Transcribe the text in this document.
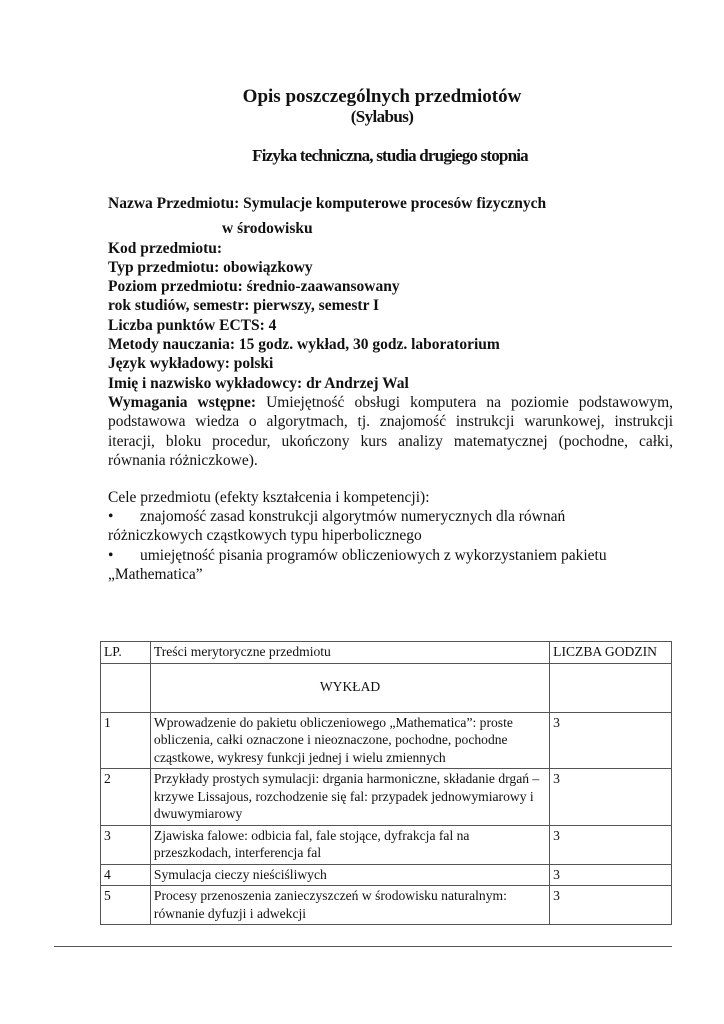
Opis poszczególnych przedmiotów
(Sylabus)
Fizyka techniczna, studia drugiego stopnia
Nazwa Przedmiotu: Symulacje komputerowe procesów fizycznych
w środowisku
Kod przedmiotu:
Typ przedmiotu: obowiązkowy
Poziom przedmiotu: średnio-zaawansowany
rok studiów, semestr: pierwszy, semestr I
Liczba punktów ECTS: 4
Metody nauczania: 15 godz. wykład, 30 godz. laboratorium
Język wykładowy: polski
Imię i nazwisko wykładowcy: dr Andrzej Wal
Wymagania wstępne: Umiejętność obsługi komputera na poziomie podstawowym, podstawowa wiedza o algorytmach, tj. znajomość instrukcji warunkowej, instrukcji iteracji, bloku procedur, ukończony kurs analizy matematycznej (pochodne, całki, równania różniczkowe).
Cele przedmiotu (efekty kształcenia i kompetencji):
• znajomość zasad konstrukcji algorytmów numerycznych dla równań
różniczkowych cząstkowych typu hiperbolicznego
• umiejętność pisania programów obliczeniowych z wykorzystaniem pakietu
„Mathematica”
LP.	Treści merytoryczne przedmiotu	LICZBA GODZIN
	WYKŁAD	
1	Wprowadzenie do pakietu obliczeniowego „Mathematica”: proste obliczenia, całki oznaczone i nieoznaczone, pochodne, pochodne cząstkowe, wykresy funkcji jednej i wielu zmiennych	3
2	Przykłady prostych symulacji: drgania harmoniczne, składanie drgań – krzywe Lissajous, rozchodzenie się fal: przypadek jednowymiarowy i dwuwymiarowy	3
3	Zjawiska falowe: odbicia fal, fale stojące, dyfrakcja fal na przeszkodach, interferencja fal	3
4	Symulacja cieczy nieściśliwych	3
5	Procesy przenoszenia zanieczyszczeń w środowisku naturalnym: równanie dyfuzji i adwekcji	3
